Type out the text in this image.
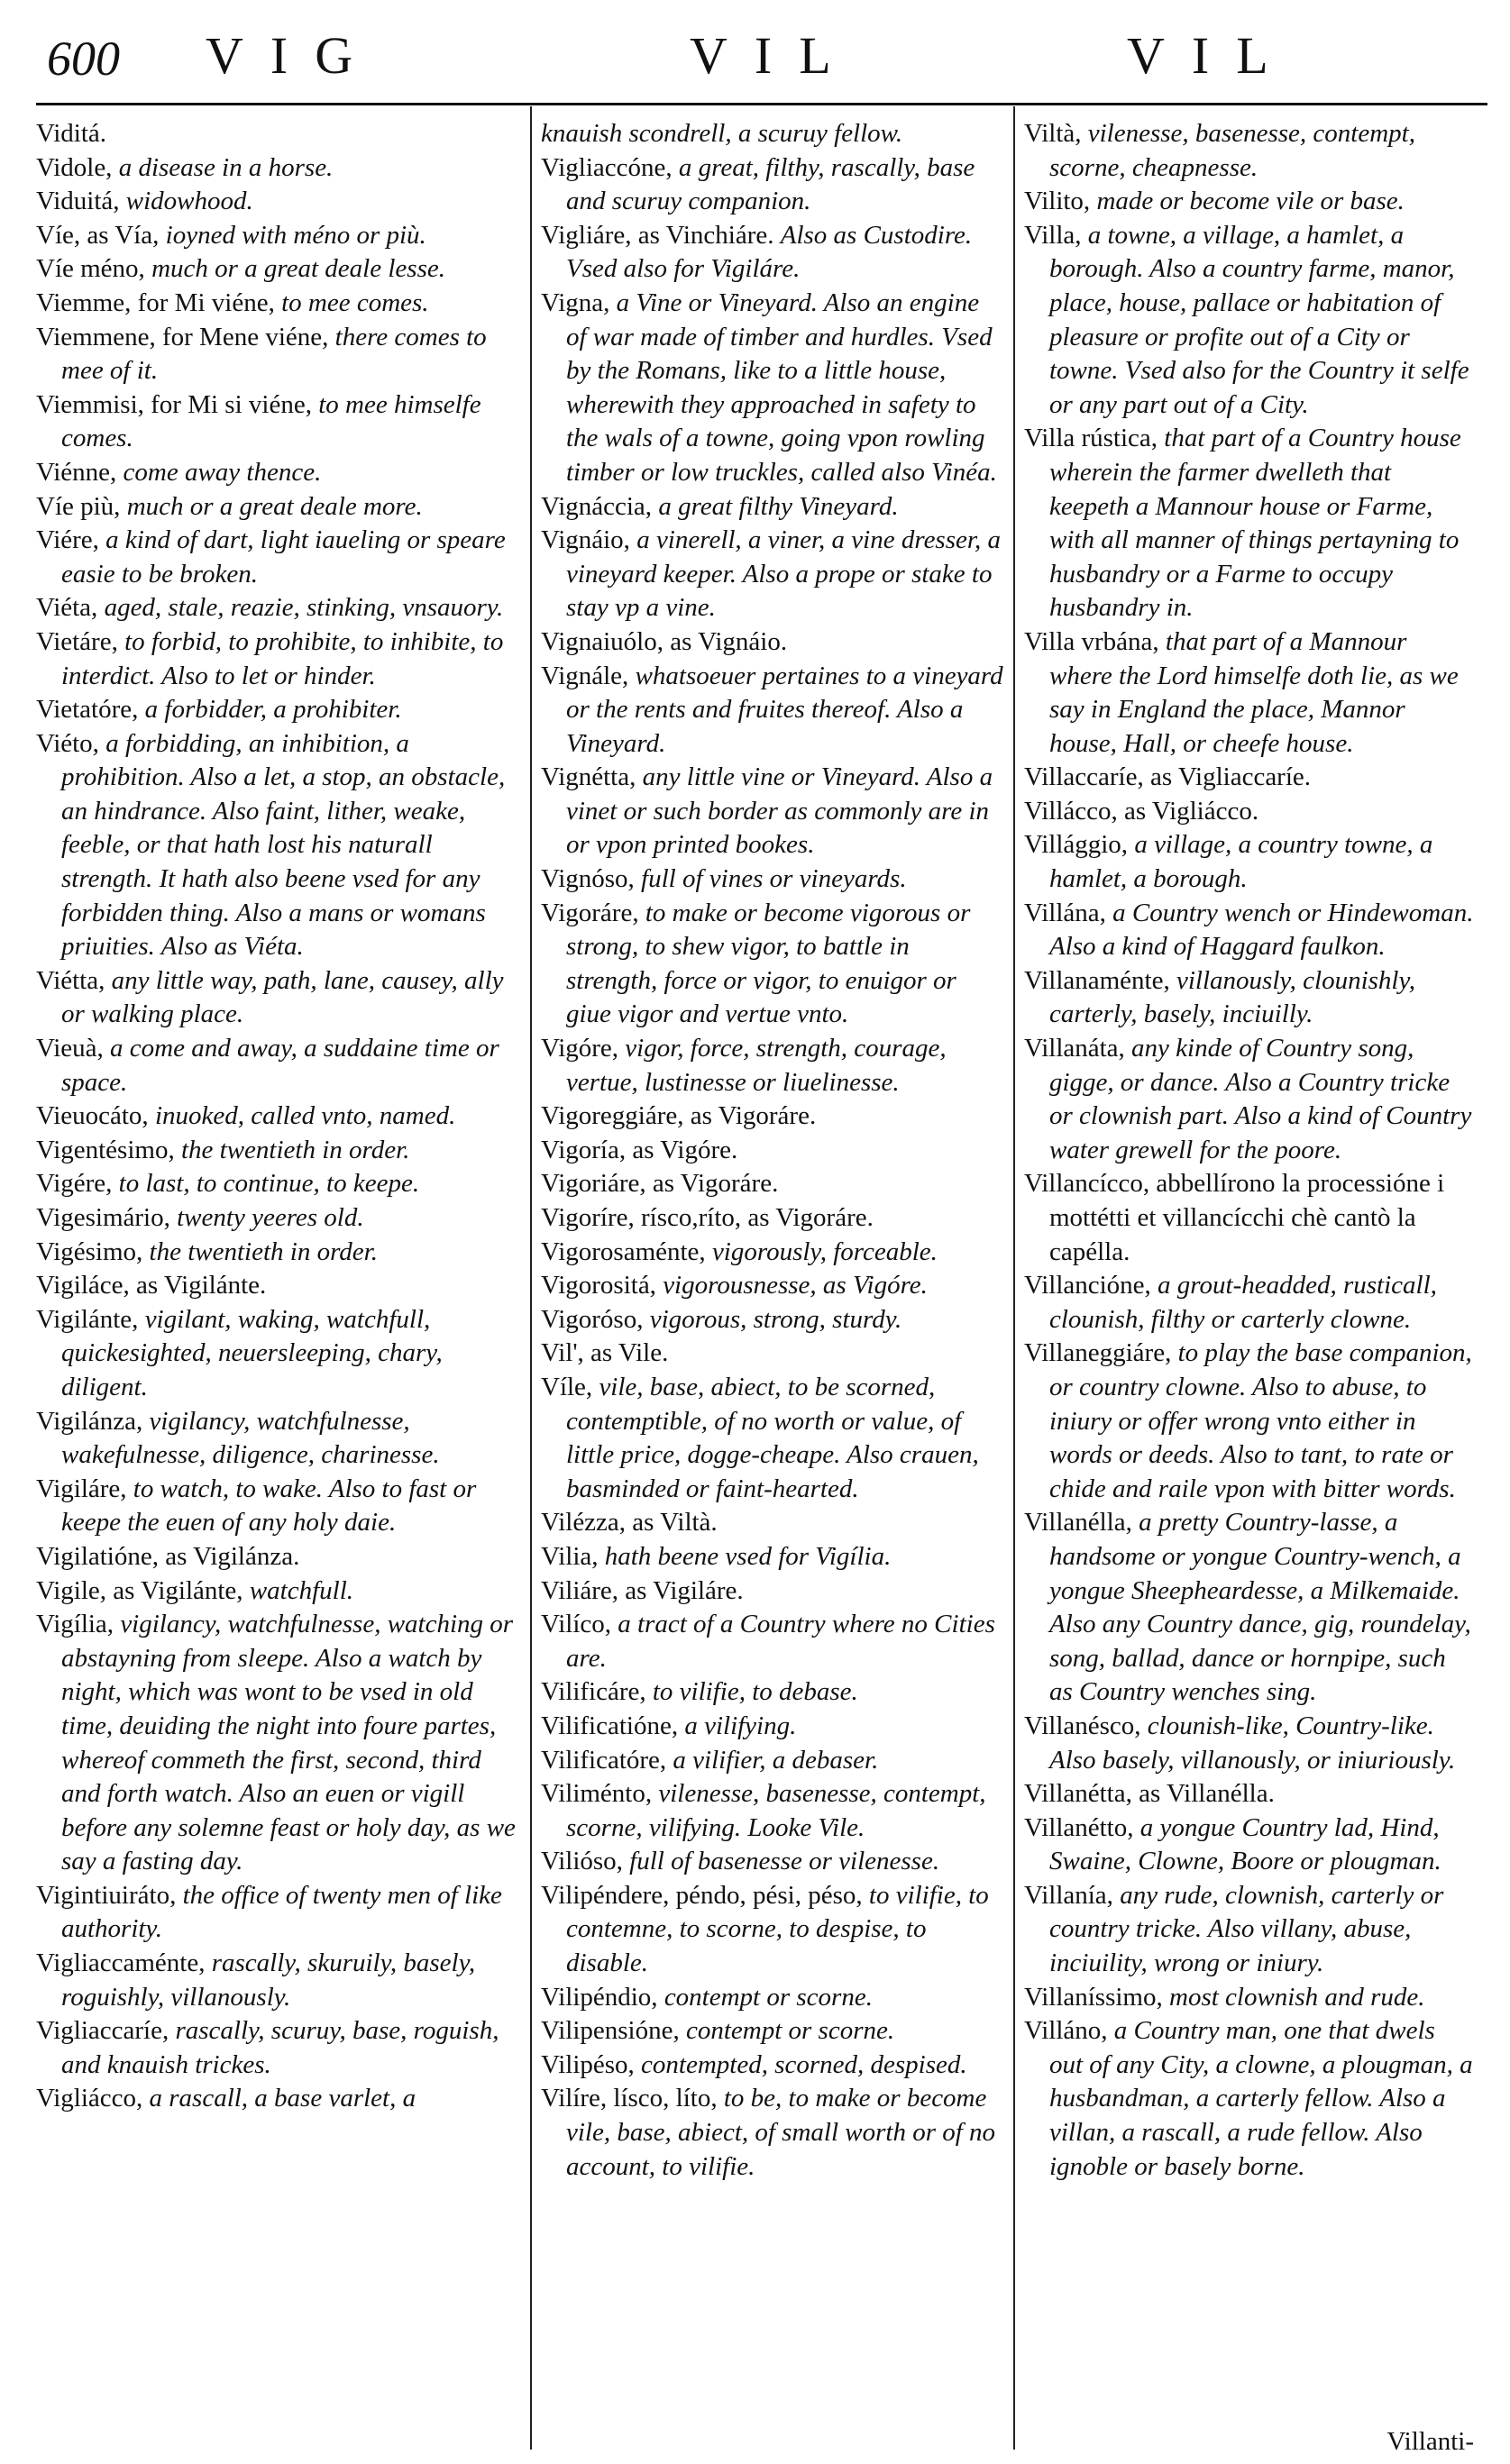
600 VIG	VIL	VIL
Viditá.
Vidole, a disease in a horse.
Viduitá, widowhood.
Víe, as Vía, ioyned with méno or più.
Víe méno, much or a great deale lesse.
Viemme, for Mi viéne, to mee comes.
Viemmene, for Mene viéne, there comes to mee of it.
Viemmisi, for Mi si viéne, to mee himselfe comes.
Viénne, come away thence.
Víe più, much or a great deale more.
Viére, a kind of dart, light iaueling or speare easie to be broken.
Viéta, aged, stale, reazie, stinking, vnsauory.
Vietáre, to forbid, to prohibite, to inhibite, to interdict. Also to let or hinder.
Vietatóre, a forbidder, a prohibiter.
Viéto, a forbidding, an inhibition, a prohibition. Also a let, a stop, an obstacle, an hindrance. Also faint, lither, weake, feeble, or that hath lost his naturall strength. It hath also beene vsed for any forbidden thing. Also a mans or womans priuities. Also as Viéta.
Viétta, any little way, path, lane, causey, ally or walking place.
Vieuà, a come and away, a suddaine time or space.
Vieuocáto, inuoked, called vnto, named.
Vigentésimo, the twentieth in order.
Vigére, to last, to continue, to keepe.
Vigesimário, twenty yeeres old.
Vigésimo, the twentieth in order.
Vigiláce, as Vigilánte.
Vigilánte, vigilant, waking, watchfull, quickesighted, neuersleeping, chary, diligent.
Vigilánza, vigilancy, watchfulnesse, wakefulnesse, diligence, charinesse.
Vigiláre, to watch, to wake. Also to fast or keepe the euen of any holy daie.
Vigilatióne, as Vigilánza.
Vigile, as Vigilánte, watchfull.
Vigília, vigilancy, watchfulnesse, watching or abstayning from sleepe. Also a watch by night, which was wont to be vsed in old time, deuiding the night into foure partes, whereof commeth the first, second, third and forth watch. Also an euen or vigill before any solemne feast or holy day, as we say a fasting day.
Vigintiuiráto, the office of twenty men of like authority.
Vigliaccaménte, rascally, skuruily, basely, roguishly, villanously.
Vigliaccaríe, rascally, scuruy, base, roguish, and knauish trickes.
Vigliácco, a rascall, a base varlet, a
knauish scondrell, a scuruy fellow.
Vigliaccóne, a great, filthy, rascally, base and scuruy companion.
Vigliáre, as Vinchiáre. Also as Custodire. Vsed also for Vigiláre.
Vigna, a Vine or Vineyard. Also an engine of war made of timber and hurdles. Vsed by the Romans, like to a little house, wherewith they approached in safety to the wals of a towne, going vpon rowling timber or low truckles, called also Vinéa.
Vignáccia, a great filthy Vineyard.
Vignáio, a vinerell, a viner, a vine dresser, a vineyard keeper. Also a prope or stake to stay vp a vine.
Vignaiuólo, as Vignáio.
Vignále, whatsoeuer pertaines to a vineyard or the rents and fruites thereof. Also a Vineyard.
Vignétta, any little vine or Vineyard. Also a vinet or such border as commonly are in or vpon printed bookes.
Vignóso, full of vines or vineyards.
Vigoráre, to make or become vigorous or strong, to shew vigor, to battle in strength, force or vigor, to enuigor or giue vigor and vertue vnto.
Vigóre, vigor, force, strength, courage, vertue, lustinesse or liuelinesse.
Vigoreggiáre, as Vigoráre.
Vigoría, as Vigóre.
Vigoriáre, as Vigoráre.
Vigoríre, rísco,ríto, as Vigoráre.
Vigorosaménte, vigorously, forceable.
Vigorositá, vigorousnesse, as Vigóre.
Vigoróso, vigorous, strong, sturdy.
Vil', as Vile.
Víle, vile, base, abiect, to be scorned, contemptible, of no worth or value, of little price, dogge-cheape. Also crauen, basminded or faint-hearted.
Vilézza, as Viltà.
Vilia, hath beene vsed for Vigília.
Viliáre, as Vigiláre.
Vilíco, a tract of a Country where no Cities are.
Vilificáre, to vilifie, to debase.
Vilificatióne, a vilifying.
Vilificatóre, a vilifier, a debaser.
Viliménto, vilenesse, basenesse, contempt, scorne, vilifying. Looke Vile.
Vilióso, full of basenesse or vilenesse.
Vilipéndere, péndo, pési, péso, to vilifie, to contemne, to scorne, to despise, to disable.
Vilipéndio, contempt or scorne.
Vilipensióne, contempt or scorne.
Vilipéso, contempted, scorned, despised.
Vilíre, lísco, líto, to be, to make or become vile, base, abiect, of small worth or of no account, to vilifie.
Viltà, vilenesse, basenesse, contempt, scorne, cheapnesse.
Vilito, made or become vile or base.
Villa, a towne, a village, a hamlet, a borough. Also a country farme, manor, place, house, pallace or habitation of pleasure or profite out of a City or towne. Vsed also for the Country it selfe or any part out of a City.
Villa rústica, that part of a Country house wherein the farmer dwelleth that keepeth a Mannour house or Farme, with all manner of things pertayning to husbandry or a Farme to occupy husbandry in.
Villa vrbána, that part of a Mannour where the Lord himselfe doth lie, as we say in England the place, Mannor house, Hall, or cheefe house.
Villaccaríe, as Vigliaccaríe.
Villácco, as Vigliácco.
Villággio, a village, a country towne, a hamlet, a borough.
Villána, a Country wench or Hindewoman. Also a kind of Haggard faulkon.
Villanaménte, villanously, clounishly, carterly, basely, inciuilly.
Villanáta, any kinde of Country song, gigge, or dance. Also a Country tricke or clownish part. Also a kind of Country water grewell for the poore.
Villancícco, abbellírono la processióne i mottétti et villancícchi chè cantò la capélla.
Villancióne, a grout-headded, rusticall, clounish, filthy or carterly clowne.
Villaneggiáre, to play the base companion, or country clowne. Also to abuse, to iniury or offer wrong vnto either in words or deeds. Also to tant, to rate or chide and raile vpon with bitter words.
Villanélla, a pretty Country-lasse, a handsome or yongue Country-wench, a yongue Sheepheardesse, a Milkemaide. Also any Country dance, gig, roundelay, song, ballad, dance or hornpipe, such as Country wenches sing.
Villanésco, clounish-like, Country-like. Also basely, villanously, or iniuriously.
Villanétta, as Villanélla.
Villanétto, a yongue Country lad, Hind, Swaine, Clowne, Boore or plougman.
Villanía, any rude, clownish, carterly or country tricke. Also villany, abuse, inciuility, wrong or iniury.
Villaníssimo, most clownish and rude.
Villáno, a Country man, one that dwels out of any City, a clowne, a plougman, a husbandman, a carterly fellow. Also a villan, a rascall, a rude fellow. Also ignoble or basely borne.
Villanti-
